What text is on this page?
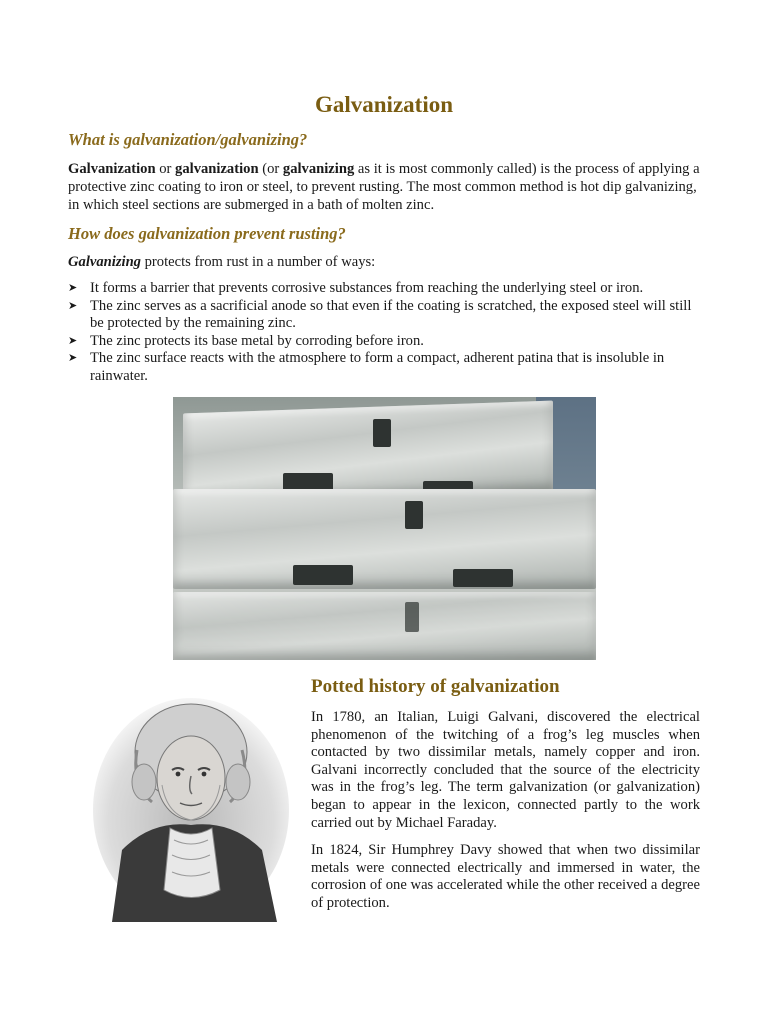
Galvanization
What is galvanization/galvanizing?
Galvanization or galvanization (or galvanizing as it is most commonly called) is the process of applying a protective zinc coating to iron or steel, to prevent rusting. The most common method is hot dip galvanizing, in which steel sections are submerged in a bath of molten zinc.
How does galvanization prevent rusting?
Galvanizing protects from rust in a number of ways:
➤ It forms a barrier that prevents corrosive substances from reaching the underlying steel or iron.
➤ The zinc serves as a sacrificial anode so that even if the coating is scratched, the exposed steel will still be protected by the remaining zinc.
➤ The zinc protects its base metal by corroding before iron.
➤ The zinc surface reacts with the atmosphere to form a compact, adherent patina that is insoluble in rainwater.
Potted history of galvanization
In 1780, an Italian, Luigi Galvani, discovered the electrical phenomenon of the twitching of a frog’s leg muscles when contacted by two dissimilar metals, namely copper and iron. Galvani incorrectly concluded that the source of the electricity was in the frog’s leg. The term galvanization (or galvanization) began to appear in the lexicon, connected partly to the work carried out by Michael Faraday.
In 1824, Sir Humphrey Davy showed that when two dissimilar metals were connected electrically and immersed in water, the corrosion of one was accelerated while the other received a degree of protection.
